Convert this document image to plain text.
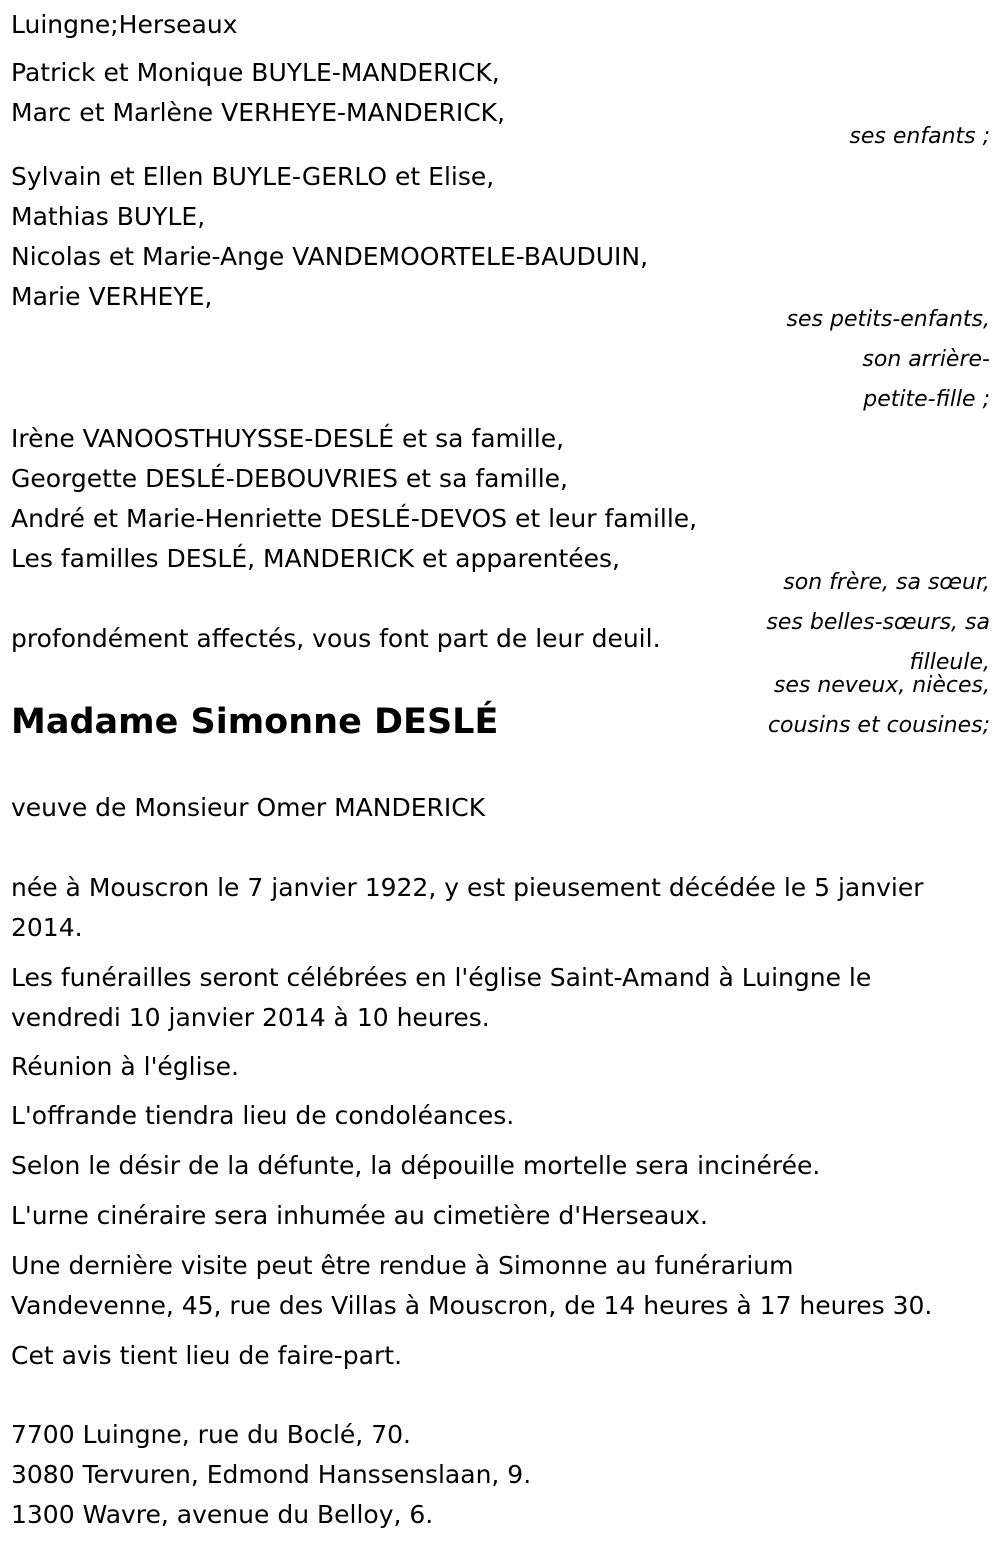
Luingne;Herseaux

Patrick et Monique BUYLE-MANDERICK,

Marc et Marlène VERHEYE-MANDERICK,

ses enfants ;

Sylvain et Ellen BUYLE-GERLO et Elise,

Mathias BUYLE,

Nicolas et Marie-Ange VANDEMOORTELE-BAUDUIN,

Marie VERHEYE,

ses petits-enfants,

son arrière-

petite-fille ;

Irène VANOOSTHUYSSE-DESLÉ et sa famille,

Georgette DESLÉ-DEBOUVRIES et sa famille,

André et Marie-Henriette DESLÉ-DEVOS et leur famille,

Les familles DESLÉ, MANDERICK et apparentées,

son frère, sa sœur,

ses belles-sœurs, sa

filleule,

ses neveux, nièces,

cousins et cousines;

profondément affectés, vous font part de leur deuil.

Madame Simonne DESLÉ

veuve de Monsieur Omer MANDERICK

née à Mouscron le 7 janvier 1922, y est pieusement décédée le 5 janvier

2014.

Les funérailles seront célébrées en l'église Saint-Amand à Luingne le

vendredi 10 janvier 2014 à 10 heures.

Réunion à l'église.

L'offrande tiendra lieu de condoléances.

Selon le désir de la défunte, la dépouille mortelle sera incinérée.

L'urne cinéraire sera inhumée au cimetière d'Herseaux.

Une dernière visite peut être rendue à Simonne au funérarium

Vandevenne, 45, rue des Villas à Mouscron, de 14 heures à 17 heures 30.

Cet avis tient lieu de faire-part.

7700 Luingne, rue du Boclé, 70.

3080 Tervuren, Edmond Hanssenslaan, 9.

1300 Wavre, avenue du Belloy, 6.
